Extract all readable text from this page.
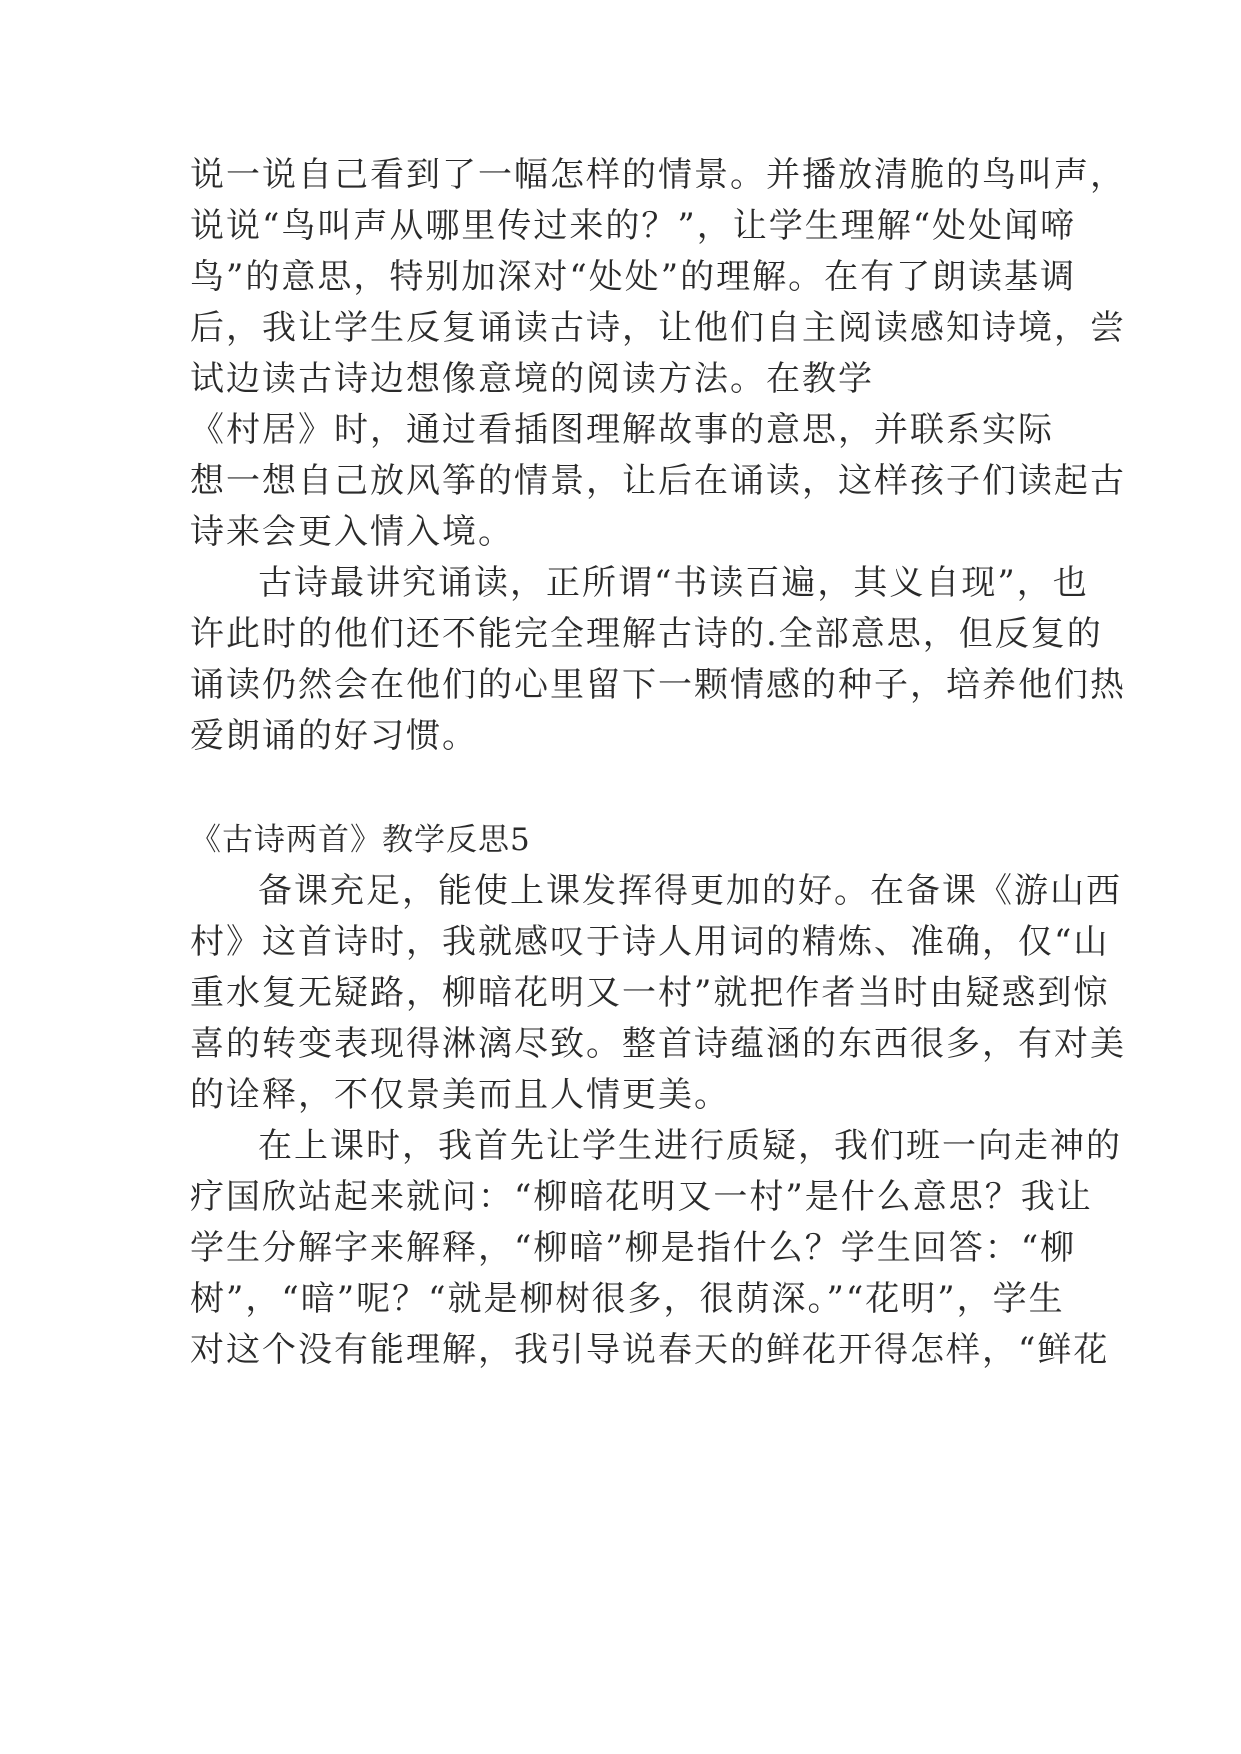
说一说自己看到了一幅怎样的情景。并播放清脆的鸟叫声，

说说“鸟叫声从哪里传过来的？”，让学生理解“处处闻啼

鸟”的意思，特别加深对“处处”的理解。在有了朗读基调

后，我让学生反复诵读古诗，让他们自主阅读感知诗境，尝

试边读古诗边想像意境的阅读方法。在教学

《村居》时，通过看插图理解故事的意思，并联系实际

想一想自己放风筝的情景，让后在诵读，这样孩子们读起古

诗来会更入情入境。

古诗最讲究诵读，正所谓“书读百遍，其义自现”，也

许此时的他们还不能完全理解古诗的.全部意思，但反复的

诵读仍然会在他们的心里留下一颗情感的种子，培养他们热

爱朗诵的好习惯。

《古诗两首》教学反思5

备课充足，能使上课发挥得更加的好。在备课《游山西

村》这首诗时，我就感叹于诗人用词的精炼、准确，仅“山

重水复无疑路，柳暗花明又一村”就把作者当时由疑惑到惊

喜的转变表现得淋漓尽致。整首诗蕴涵的东西很多，有对美

的诠释，不仅景美而且人情更美。

在上课时，我首先让学生进行质疑，我们班一向走神的

疗国欣站起来就问：“柳暗花明又一村”是什么意思？我让

学生分解字来解释，“柳暗”柳是指什么？学生回答：“柳

树”，“暗”呢？“就是柳树很多，很荫深。”“花明”，学生

对这个没有能理解，我引导说春天的鲜花开得怎样，“鲜花
